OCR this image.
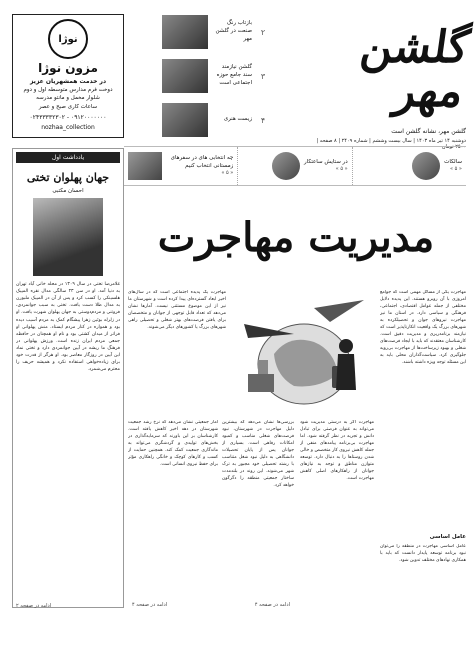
گلشن مهر
گلشن مهر، نشانه گلشن است
دوشنبه ۱۴ تیر ماه ۱۴۰۳ | سال بیست وششم | شماره ۲۴۰۹ | ۸ صفحه | ۲۵۰۰ تومان
۲
بازتاب رنگ صنعت در گلشن مهر
۳
گلشن نیازمند سند جامع حوزه اجتماعی است
۴
زیست هنری
نوژا
مزون نوژا
در خدمت همشهریان عزیز
دوخت فرم مدارس متوسطه اول و دوم
شلوار مخمل و مانتو مدرسه
ساعات کاری صبح و عصر
۰۹۱۲۰۰۰۰۰۰۰ - ۰۲۴۳۳۳۳۲۳۰۲
nozhaa_collection
سالکات
« ۵ »
در ستایش ساعتکار
« ۵ »
چه انتخابی های در سفرهای زمستانی انتخاب کنیم
« ۵ »
یادداشت اول
جهان پهلوان تختی
احسان مکتبی
غلامرضا تختی در سال ۱۳۰۹ در محله خانی آباد تهران به دنیا آمد. او در سن ۲۳ سالگی مدال نقره المپیک هلسینکی را کسب کرد و پس از آن در المپیک ملبورن به مدال طلا دست یافت. تختی به سبب جوانمردی، فروتنی و مردم‌دوستی به جهان پهلوان شهرت یافت. او در زلزله بوئین زهرا پیشگام کمک به مردم آسیب دیده بود و همواره در کنار مردم ایستاد. منش پهلوانی او فراتر از میدان کشتی بود و نام او همچنان در حافظه جمعی مردم ایران زنده است. ورزش پهلوانی در فرهنگ ما ریشه در آیین جوانمردی دارد و تختی نماد این آیین در روزگار معاصر بود. او هرگز از قدرت خود برای زیاده‌خواهی استفاده نکرد و همیشه حریف را محترم می‌شمرد.
ادامه در صفحه ۲
مدیریت مهاجرت
مهاجرت یک پدیده اجتماعی است که در سال‌های اخیر ابعاد گسترده‌ای پیدا کرده است و شهرستان ما نیز از این موضوع مستثنی نیست. آمارها نشان می‌دهد که تعداد قابل توجهی از جوانان و متخصصان برای یافتن فرصت‌های بهتر شغلی و تحصیلی راهی شهرهای بزرگ یا کشورهای دیگر می‌شوند.
مهاجرت یکی از مسائل مهمی است که جوامع امروزی با آن روبرو هستند. این پدیده دلایل مختلفی از جمله عوامل اقتصادی، اجتماعی، فرهنگی و سیاسی دارد. در استان ما نیز مهاجرت نیروهای جوان و تحصیلکرده به شهرهای بزرگ یک واقعیت انکارناپذیر است که نیازمند برنامه‌ریزی و مدیریت دقیق است. کارشناسان معتقدند که باید با ایجاد فرصت‌های شغلی و بهبود زیرساخت‌ها از مهاجرت بی‌رویه جلوگیری کرد. سیاست‌گذاران محلی باید به این مسئله توجه ویژه داشته باشند.
عامل اساسی
عامل اساسی مهاجرت در منطقه را می‌توان نبود برنامه توسعه پایدار دانست که باید با همکاری نهادهای مختلف تدوین شود.
مهاجرت اگر به درستی مدیریت شود می‌تواند به عنوان فرصتی برای تبادل دانش و تجربه در نظر گرفته شود. اما مهاجرت بی‌برنامه پیامدهای منفی از جمله کاهش نیروی کار متخصص و خالی شدن روستاها را به دنبال دارد. توسعه متوازن مناطق و توجه به نیازهای جوانان از راهکارهای اصلی کاهش مهاجرت است.
بررسی‌ها نشان می‌دهد که بیشترین دلیل مهاجرت در شهرستان، نبود فرصت‌های شغلی مناسب و کمبود امکانات رفاهی است. بسیاری از جوانان پس از پایان تحصیلات دانشگاهی به دلیل نبود شغل متناسب با رشته تحصیلی خود مجبور به ترک شهر می‌شوند. این روند در بلندمدت ساختار جمعیتی منطقه را دگرگون خواهد کرد.
آمار جمعیتی نشان می‌دهد که نرخ رشد جمعیت شهرستان در دهه اخیر کاهش یافته است. کارشناسان بر این باورند که سرمایه‌گذاری در بخش‌های تولیدی و گردشگری می‌تواند به ماندگاری جمعیت کمک کند. همچنین حمایت از کسب و کارهای کوچک و خانگی راهکاری مؤثر برای حفظ نیروی انسانی است.
ادامه در صفحه ۴
ادامه در صفحه ۴
